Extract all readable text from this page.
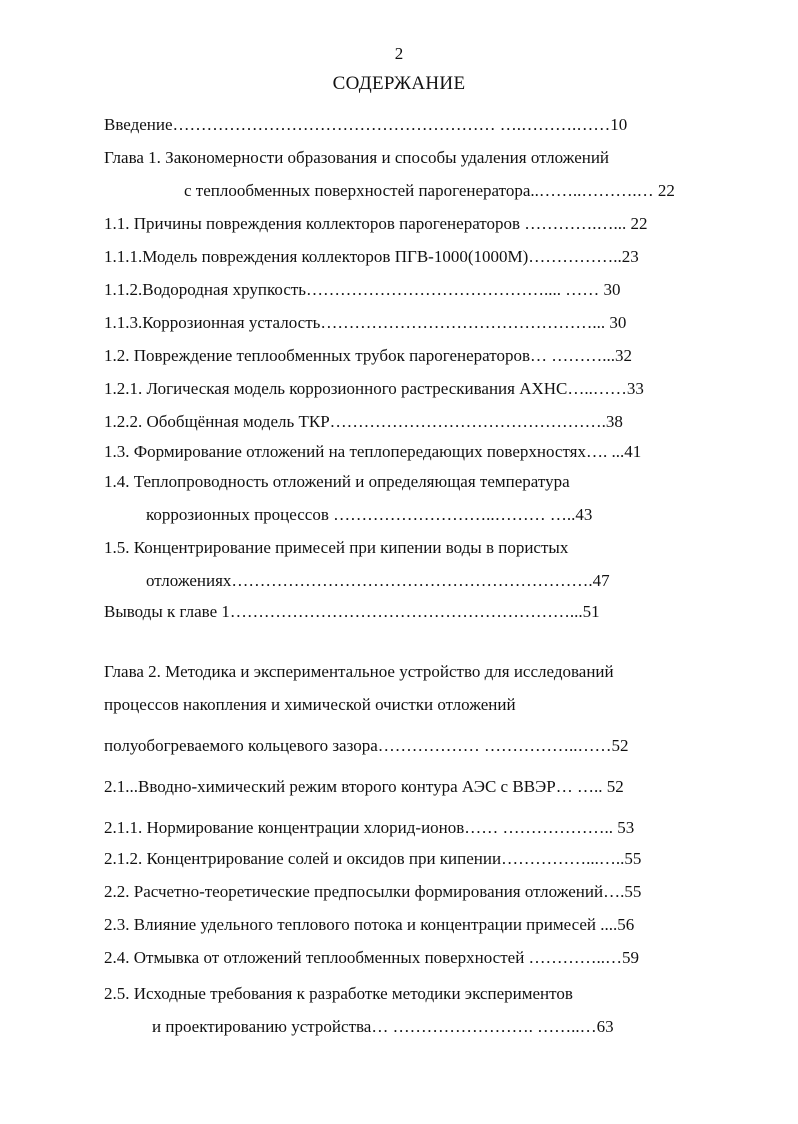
2
СОДЕРЖАНИЕ
Введение………………………………………………… ….……….……10
Глава 1. Закономерности образования и способы удаления отложений
с теплообменных поверхностей парогенератора..……..……….… 22
1.1. Причины повреждения коллекторов парогенераторов ………….…... 22
1.1.1.Модель повреждения коллекторов ПГВ-1000(1000М)……………..23
1.1.2.Водородная хрупкость…………………………………….... …… 30
1.1.3.Коррозионная усталость…………………………………………... 30
1.2. Повреждение теплообменных трубок парогенераторов… ………...32
1.2.1. Логическая модель коррозионного растрескивания АХНС…..……33
1.2.2. Обобщённая модель ТКР………………………………………….38
1.3. Формирование отложений на теплопередающих поверхностях…. ...41
1.4. Теплопроводность отложений и определяющая температура
коррозионных процессов ………………………..……… …..43
1.5. Концентрирование примесей при кипении воды в пористых
отложениях……………………………………………………….47
Выводы к главе 1……………………………………………………...51
Глава 2. Методика и экспериментальное устройство для исследований
процессов накопления и химической очистки отложений
полуобогреваемого кольцевого зазора……………… ……………..……52
2.1...Вводно-химический режим второго контура АЭС с ВВЭР… ….. 52
2.1.1. Нормирование концентрации хлорид-ионов…… ……………….. 53
2.1.2. Концентрирование солей и оксидов при кипении……………...…..55
2.2. Расчетно-теоретические предпосылки формирования отложений….55
2.3. Влияние удельного теплового потока и концентрации примесей ....56
2.4. Отмывка от отложений теплообменных поверхностей …………..…59
2.5. Исходные требования к разработке методики экспериментов
и проектированию устройства… ……………………. ……..…63
